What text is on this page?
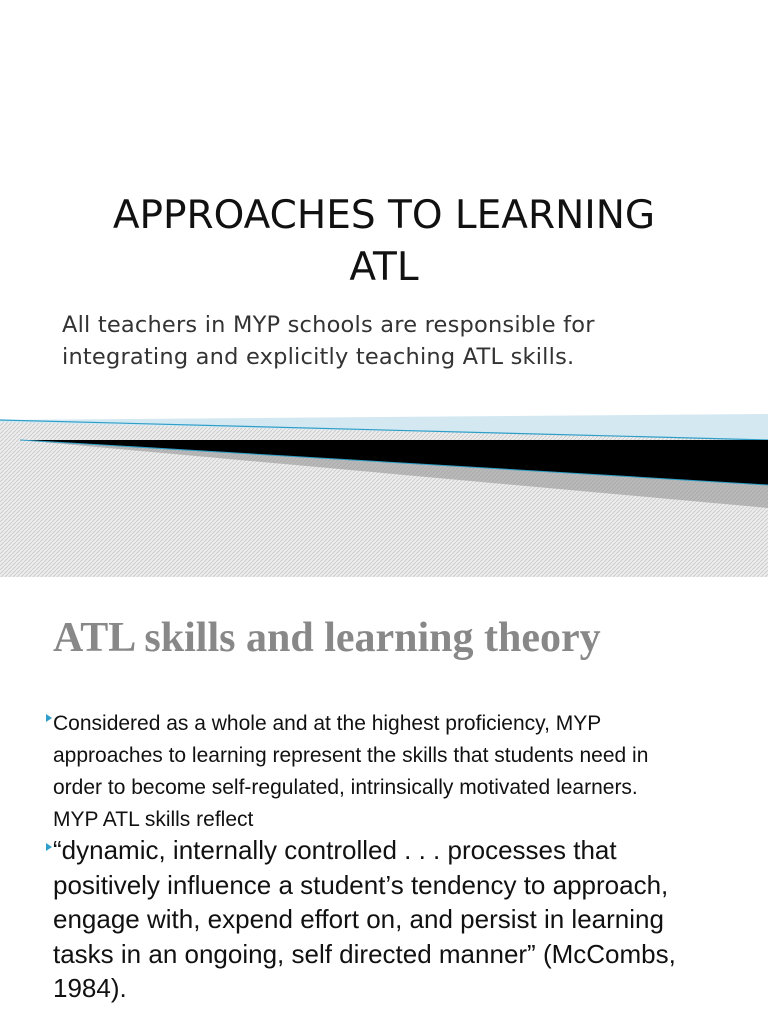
APPROACHES TO LEARNING
ATL
All teachers in MYP schools are responsible for
integrating and explicitly teaching ATL skills.
ATL skills and learning theory
Considered as a whole and at the highest proficiency, MYP approaches to learning represent the skills that students need in order to become self-regulated, intrinsically motivated learners. MYP ATL skills reflect
“dynamic, internally controlled . . . processes that positively influence a student’s tendency to approach, engage with, expend effort on, and persist in learning tasks in an ongoing, self directed manner” (McCombs, 1984).
